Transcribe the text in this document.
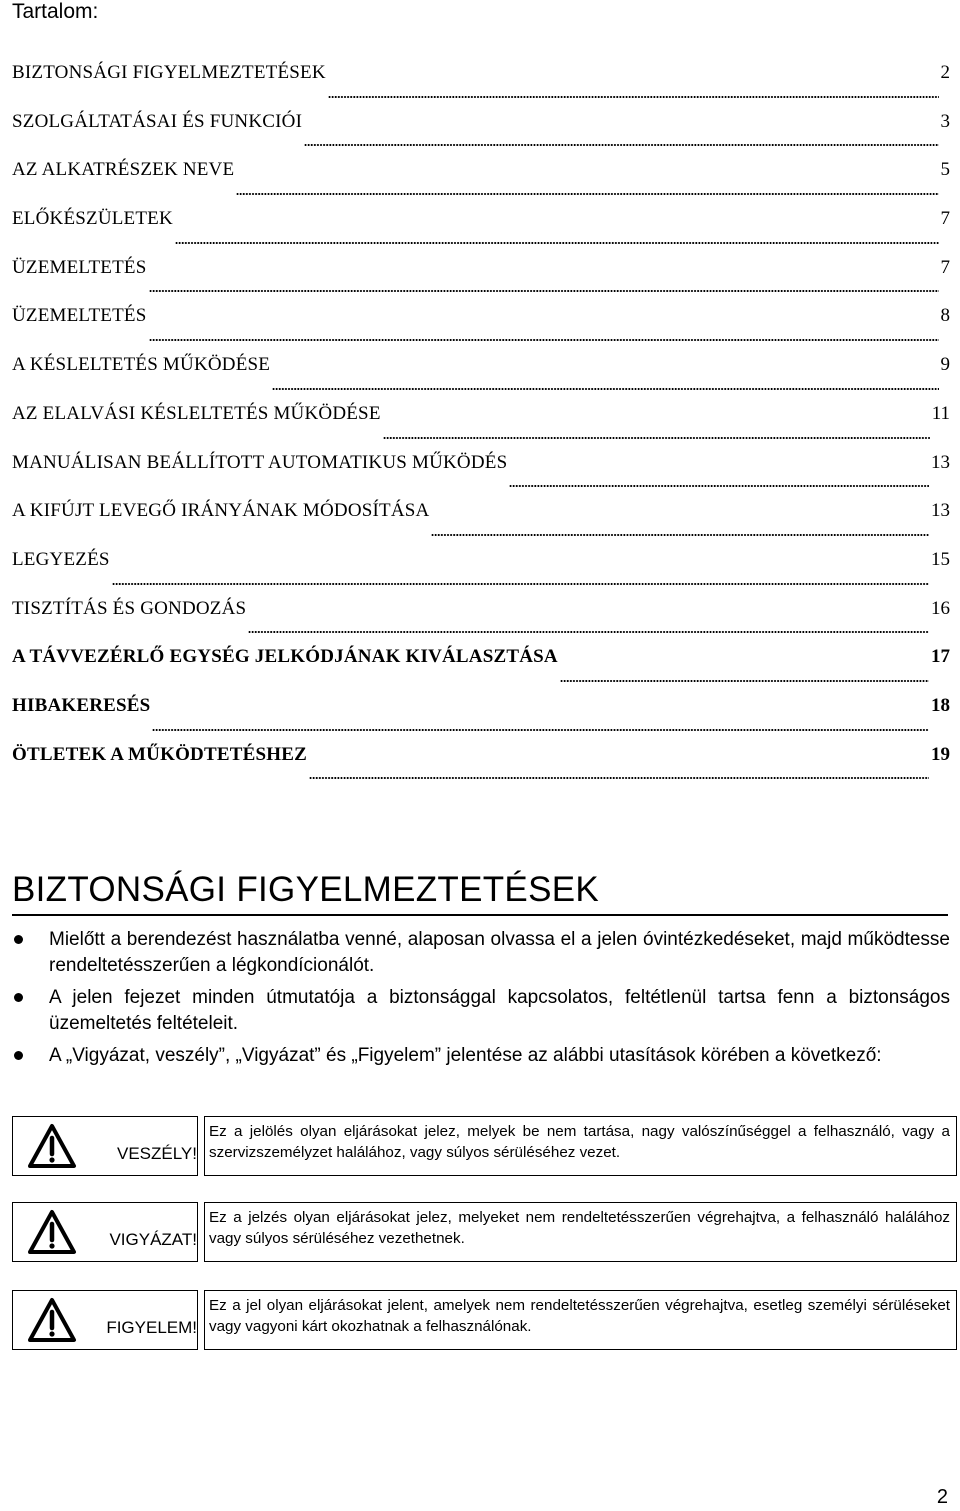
Tartalom:
BIZTONSÁGI FIGYELMEZTETÉSEK	2
SZOLGÁLTATÁSAI ÉS FUNKCIÓI	3
AZ ALKATRÉSZEK NEVE	5
ELŐKÉSZÜLETEK	7
ÜZEMELTETÉS	7
ÜZEMELTETÉS	8
A KÉSLELTETÉS MŰKÖDÉSE	9
AZ ELALVÁSI KÉSLELTETÉS MŰKÖDÉSE	11
MANUÁLISAN BEÁLLÍTOTT AUTOMATIKUS MŰKÖDÉS	13
A KIFÚJT LEVEGŐ IRÁNYÁNAK MÓDOSÍTÁSA	13
LEGYEZÉS	15
TISZTÍTÁS ÉS GONDOZÁS	16
A TÁVVEZÉRLŐ EGYSÉG JELKÓDJÁNAK KIVÁLASZTÁSA	17
HIBAKERESÉS	18
ÖTLETEK A MŰKÖDTETÉSHEZ	19
BIZTONSÁGI FIGYELMEZTETÉSEK
Mielőtt a berendezést használatba venné, alaposan olvassa el a jelen óvintézkedéseket, majd működtesse rendeltetésszerűen a légkondícionálót.
A jelen fejezet minden útmutatója a biztonsággal kapcsolatos, feltétlenül tartsa fenn a biztonságos üzemeltetés feltételeit.
A „Vigyázat, veszély”, „Vigyázat” és „Figyelem” jelentése az alábbi utasítások körében a következő:
VESZÉLY!
Ez a jelölés olyan eljárásokat jelez, melyek be nem tartása, nagy valószínűséggel a felhasználó, vagy a szervizszemélyzet halálához, vagy súlyos sérüléséhez vezet.
VIGYÁZAT!
Ez a jelzés olyan eljárásokat jelez, melyeket nem rendeltetésszerűen végrehajtva, a felhasználó halálához vagy súlyos sérüléséhez vezethetnek.
FIGYELEM!
Ez a jel olyan eljárásokat jelent, amelyek nem rendeltetésszerűen végrehajtva, esetleg személyi sérüléseket vagy vagyoni kárt okozhatnak a felhasználónak.
2
